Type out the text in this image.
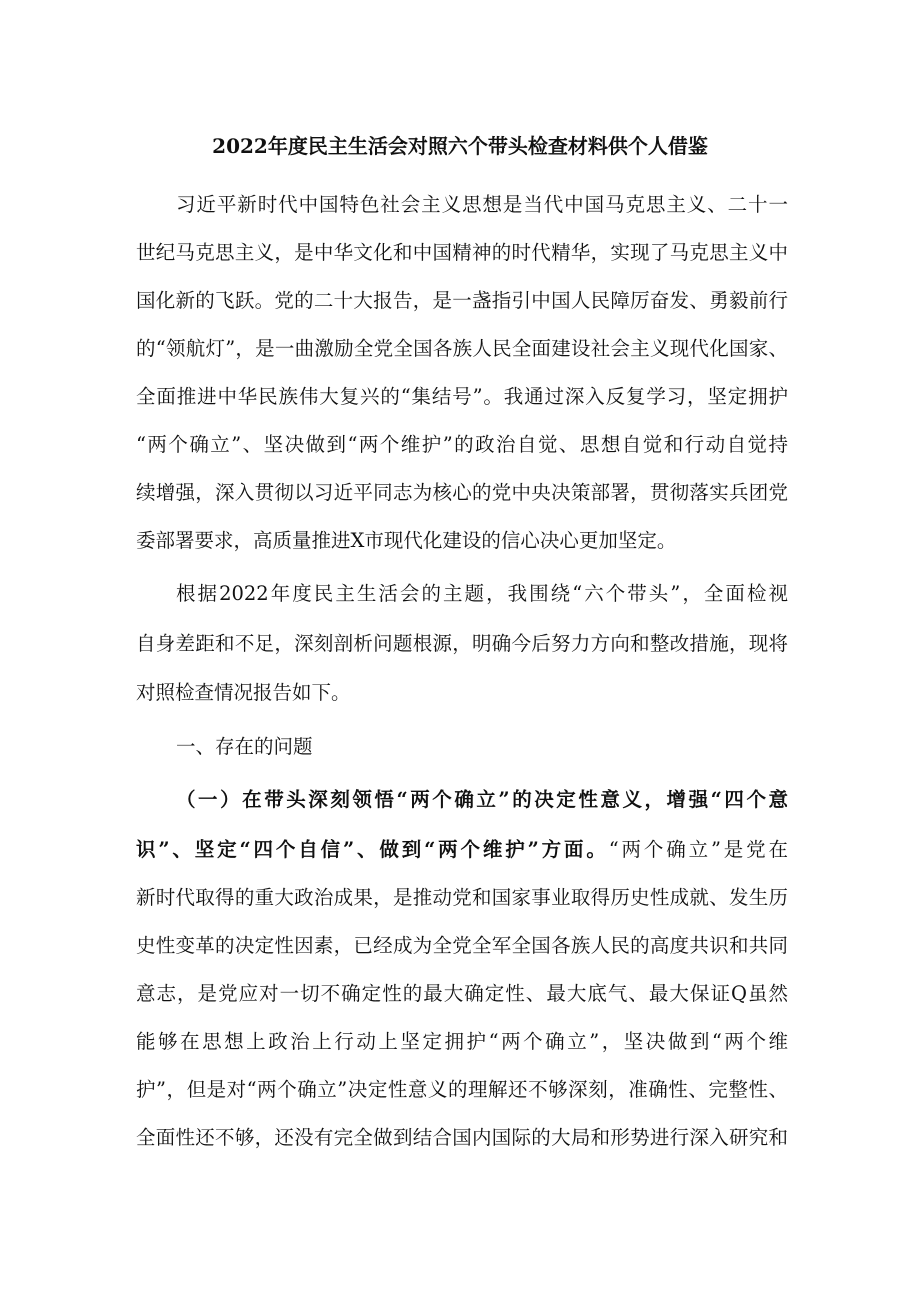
2022年度民主生活会对照六个带头检查材料供个人借鉴
习近平新时代中国特色社会主义思想是当代中国马克思主义、二十一
世纪马克思主义，是中华文化和中国精神的时代精华，实现了马克思主义中
国化新的飞跃。党的二十大报告，是一盏指引中国人民障厉奋发、勇毅前行
的“领航灯”，是一曲激励全党全国各族人民全面建设社会主义现代化国家、
全面推进中华民族伟大复兴的“集结号”。我通过深入反复学习，坚定拥护
“两个确立”、坚决做到“两个维护”的政治自觉、思想自觉和行动自觉持
续增强，深入贯彻以习近平同志为核心的党中央决策部署，贯彻落实兵团党
委部署要求，高质量推进X市现代化建设的信心决心更加坚定。
根据2022年度民主生活会的主题，我围绕“六个带头”，全面检视
自身差距和不足，深刻剖析问题根源，明确今后努力方向和整改措施，现将
对照检查情况报告如下。
一、存在的问题
（一）在带头深刻领悟“两个确立”的决定性意义，增强“四个意
识”、坚定“四个自信”、做到“两个维护”方面。“两个确立”是党在
新时代取得的重大政治成果，是推动党和国家事业取得历史性成就、发生历
史性变革的决定性因素，已经成为全党全军全国各族人民的高度共识和共同
意志，是党应对一切不确定性的最大确定性、最大底气、最大保证Q虽然
能够在思想上政治上行动上坚定拥护“两个确立”，坚决做到“两个维
护”，但是对“两个确立”决定性意义的理解还不够深刻，准确性、完整性、
全面性还不够，还没有完全做到结合国内国际的大局和形势进行深入研究和
